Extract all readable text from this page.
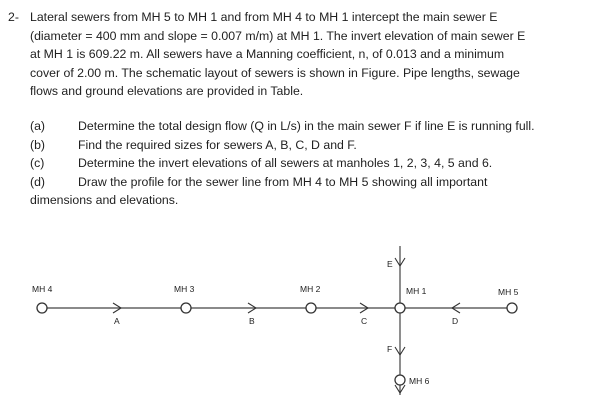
2- Lateral sewers from MH 5 to MH 1 and from MH 4 to MH 1 intercept the main sewer E
(diameter = 400 mm and slope = 0.007 m/m) at MH 1. The invert elevation of main sewer E
at MH 1 is 609.22 m. All sewers have a Manning coefficient, n, of 0.013 and a minimum
cover of 2.00 m. The schematic layout of sewers is shown in Figure. Pipe lengths, sewage
flows and ground elevations are provided in Table.
(a)	Determine the total design flow (Q in L/s) in the main sewer F if line E is running full.
(b)	Find the required sizes for sewers A, B, C, D and F.
(c)	Determine the invert elevations of all sewers at manholes 1, 2, 3, 4, 5 and 6.
(d)	Draw the profile for the sewer line from MH 4 to MH 5 showing all important
dimensions and elevations.
MH 4	MH 3	MH 2	MH 1	MH 5
MH 6
A	B	C	D
E
F
